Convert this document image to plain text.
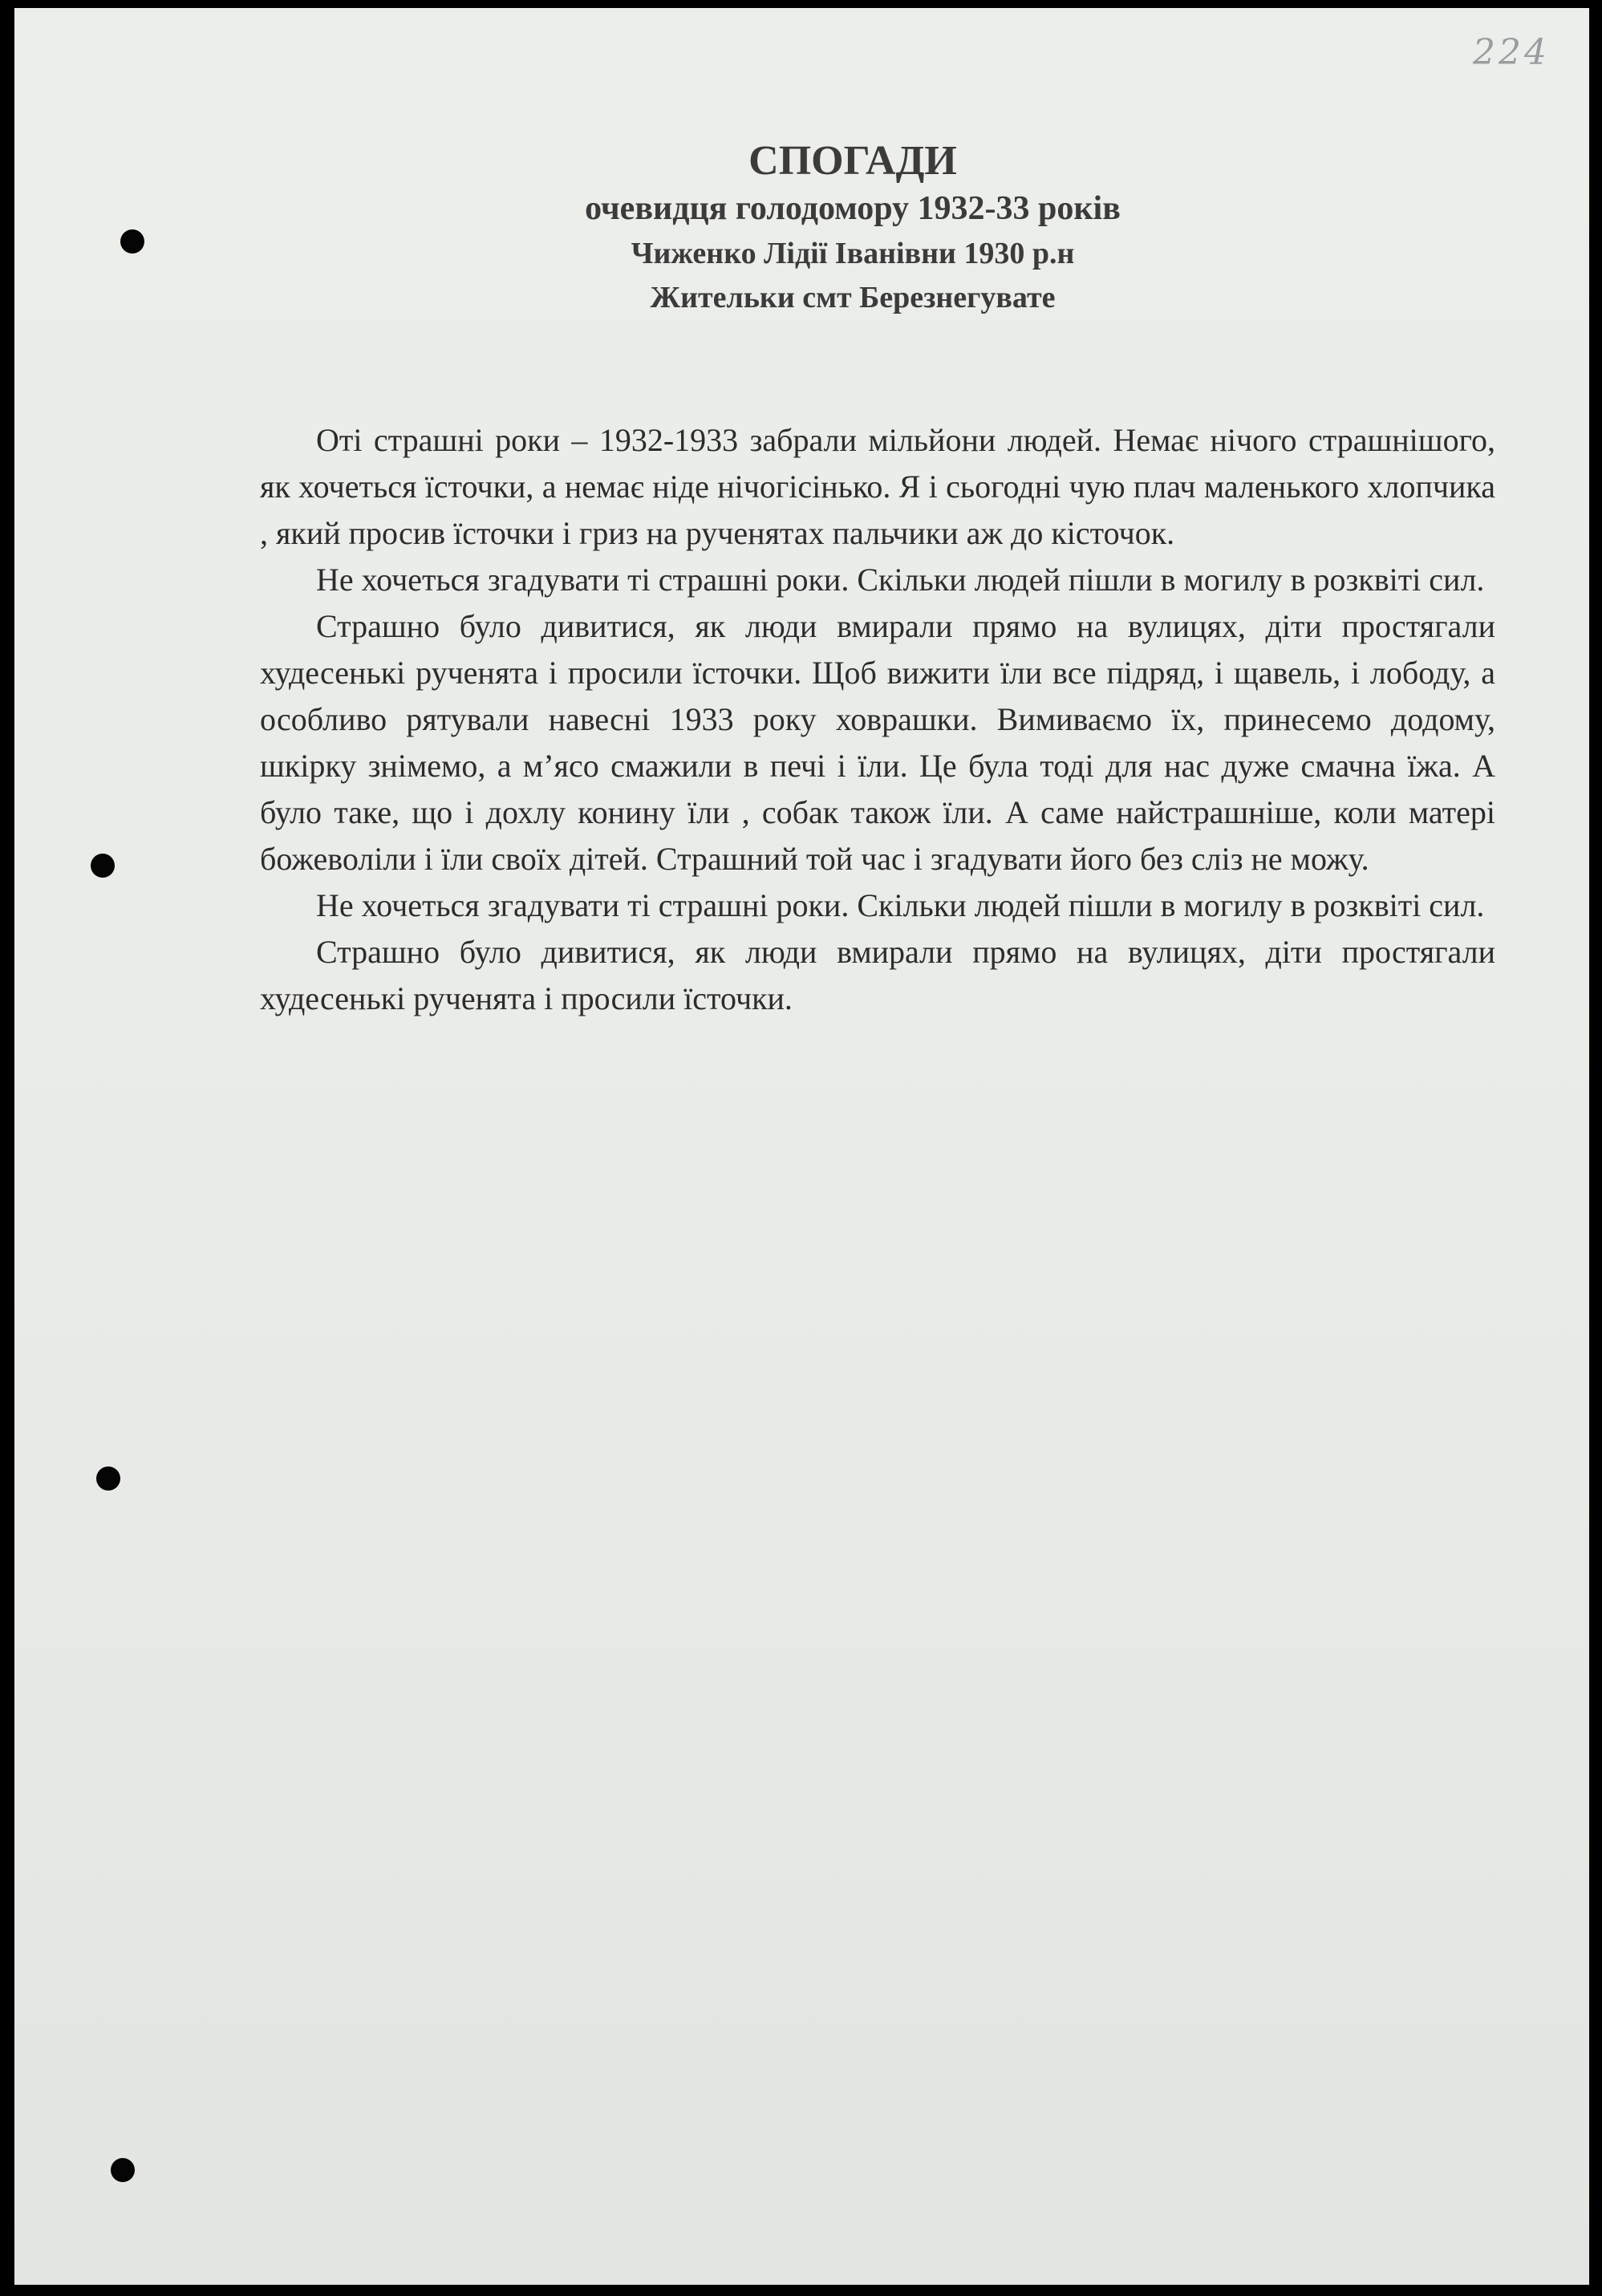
224
СПОГАДИ
очевидця голодомору 1932-33 років
Чиженко Лідії Іванівни 1930 р.н
Жительки смт Березнегувате

Оті страшні роки – 1932-1933 забрали мільйони людей. Немає нічого страшнішого, як хочеться їсточки, а немає ніде нічогісінько. Я і сьогодні чую плач маленького хлопчика , який просив їсточки і гриз на рученятах пальчики аж до кісточок.

Не хочеться згадувати ті страшні роки. Скільки людей пішли в могилу в розквіті сил.

Страшно було дивитися, як люди вмирали прямо на вулицях, діти простягали худесенькі рученята і просили їсточки. Щоб вижити їли все підряд, і щавель, і лободу, а особливо рятували навесні 1933 року ховрашки. Вимиваємо їх, принесемо додому, шкірку знімемо, а м’ясо смажили в печі і їли. Це була тоді для нас дуже смачна їжа. А було таке, що і дохлу конину їли , собак також їли. А саме найстрашніше, коли матері божеволіли і їли своїх дітей. Страшний той час і згадувати його без сліз не можу.

Не хочеться згадувати ті страшні роки. Скільки людей пішли в могилу в розквіті сил.

Страшно було дивитися, як люди вмирали прямо на вулицях, діти простягали худесенькі рученята і просили їсточки.
